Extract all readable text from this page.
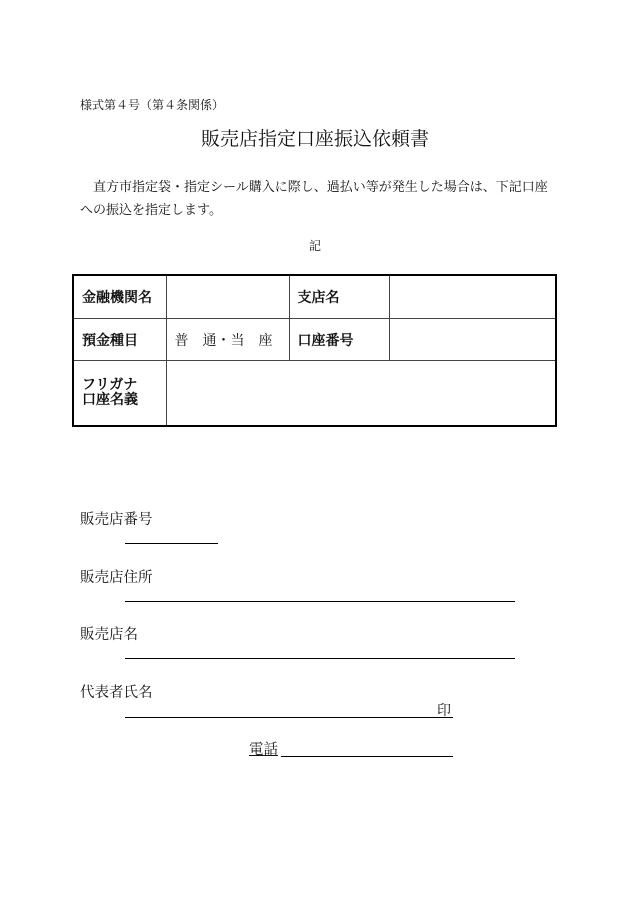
様式第４号（第４条関係）
販売店指定口座振込依頼書
直方市指定袋・指定シール購入に際し、過払い等が発生した場合は、下記口座
への振込を指定します。
記
金融機関名		支店名	
預金種目	普　通・当　座	口座番号	

フリガナ
口座名義			

販売店番号
販売店住所
販売店名
代表者氏名
印
電話
